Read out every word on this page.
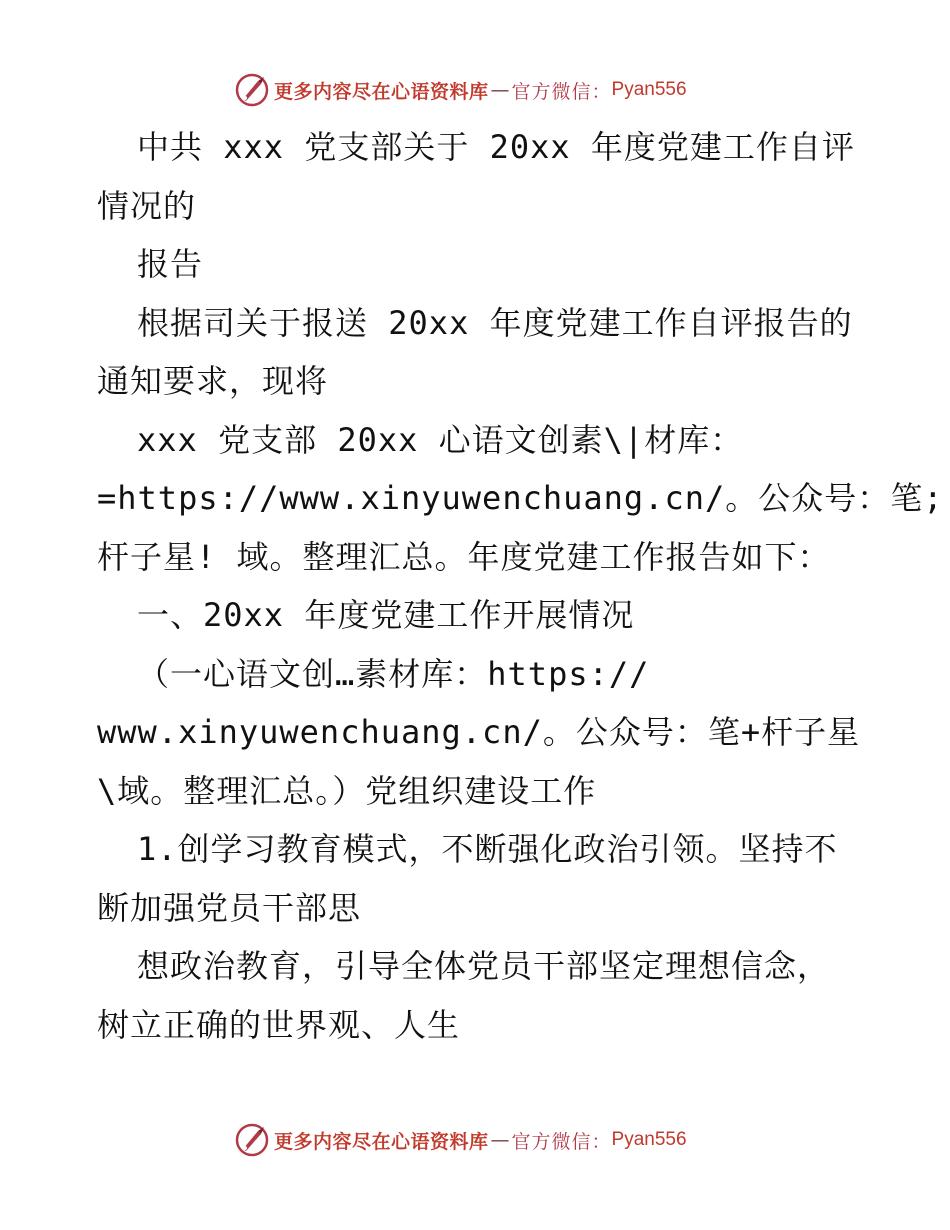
更多内容尽在心语资料库 — 官方微信： Pyan556
中共 xxx 党支部关于 20xx 年度党建工作自评
情况的
报告
根据司关于报送 20xx 年度党建工作自评报告的
通知要求，现将
xxx 党支部 20xx 心语文创素\|材库：
=https://www.xinyuwenchuang.cn/。公众号：笔;
杆子星! 域。整理汇总。年度党建工作报告如下：
一、20xx 年度党建工作开展情况
（一心语文创…素材库：https://
www.xinyuwenchuang.cn/。公众号：笔+杆子星
\域。整理汇总。）党组织建设工作
1.创学习教育模式，不断强化政治引领。坚持不
断加强党员干部思
想政治教育，引导全体党员干部坚定理想信念，
树立正确的世界观、人生
更多内容尽在心语资料库 — 官方微信： Pyan556
